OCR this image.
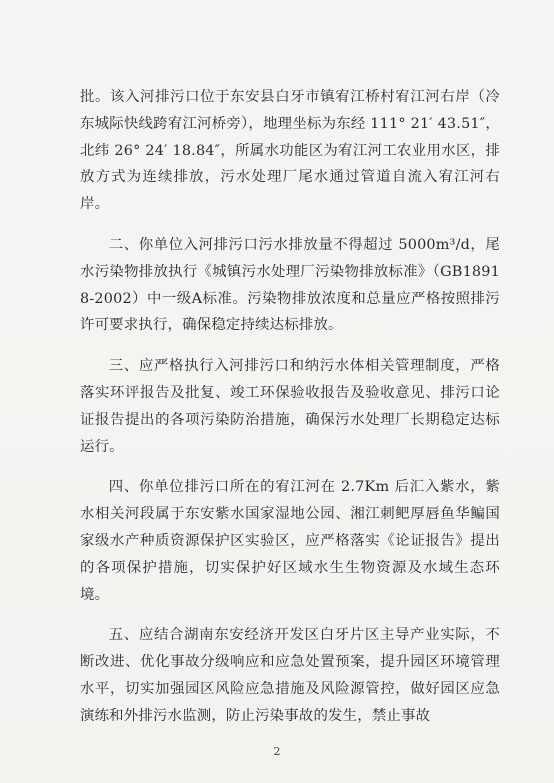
批。该入河排污口位于东安县白牙市镇宥江桥村宥江河右岸（冷东城际快线跨宥江河桥旁），地理坐标为东经 111° 21′ 43.51″，北纬 26° 24′ 18.84″，所属水功能区为宥江河工农业用水区，排放方式为连续排放，污水处理厂尾水通过管道自流入宥江河右岸。

二、你单位入河排污口污水排放量不得超过 5000m³/d，尾水污染物排放执行《城镇污水处理厂污染物排放标准》（GB18918-2002）中一级A标准。污染物排放浓度和总量应严格按照排污许可要求执行，确保稳定持续达标排放。

三、应严格执行入河排污口和纳污水体相关管理制度，严格落实环评报告及批复、竣工环保验收报告及验收意见、排污口论证报告提出的各项污染防治措施，确保污水处理厂长期稳定达标运行。

四、你单位排污口所在的宥江河在 2.7Km 后汇入紫水，紫水相关河段属于东安紫水国家湿地公园、湘江刺鲃厚唇鱼华鳊国家级水产种质资源保护区实验区，应严格落实《论证报告》提出的各项保护措施，切实保护好区域水生生物资源及水域生态环境。

五、应结合湖南东安经济开发区白牙片区主导产业实际，不断改进、优化事故分级响应和应急处置预案，提升园区环境管理水平，切实加强园区风险应急措施及风险源管控，做好园区应急演练和外排污水监测，防止污染事故的发生，禁止事故

2
